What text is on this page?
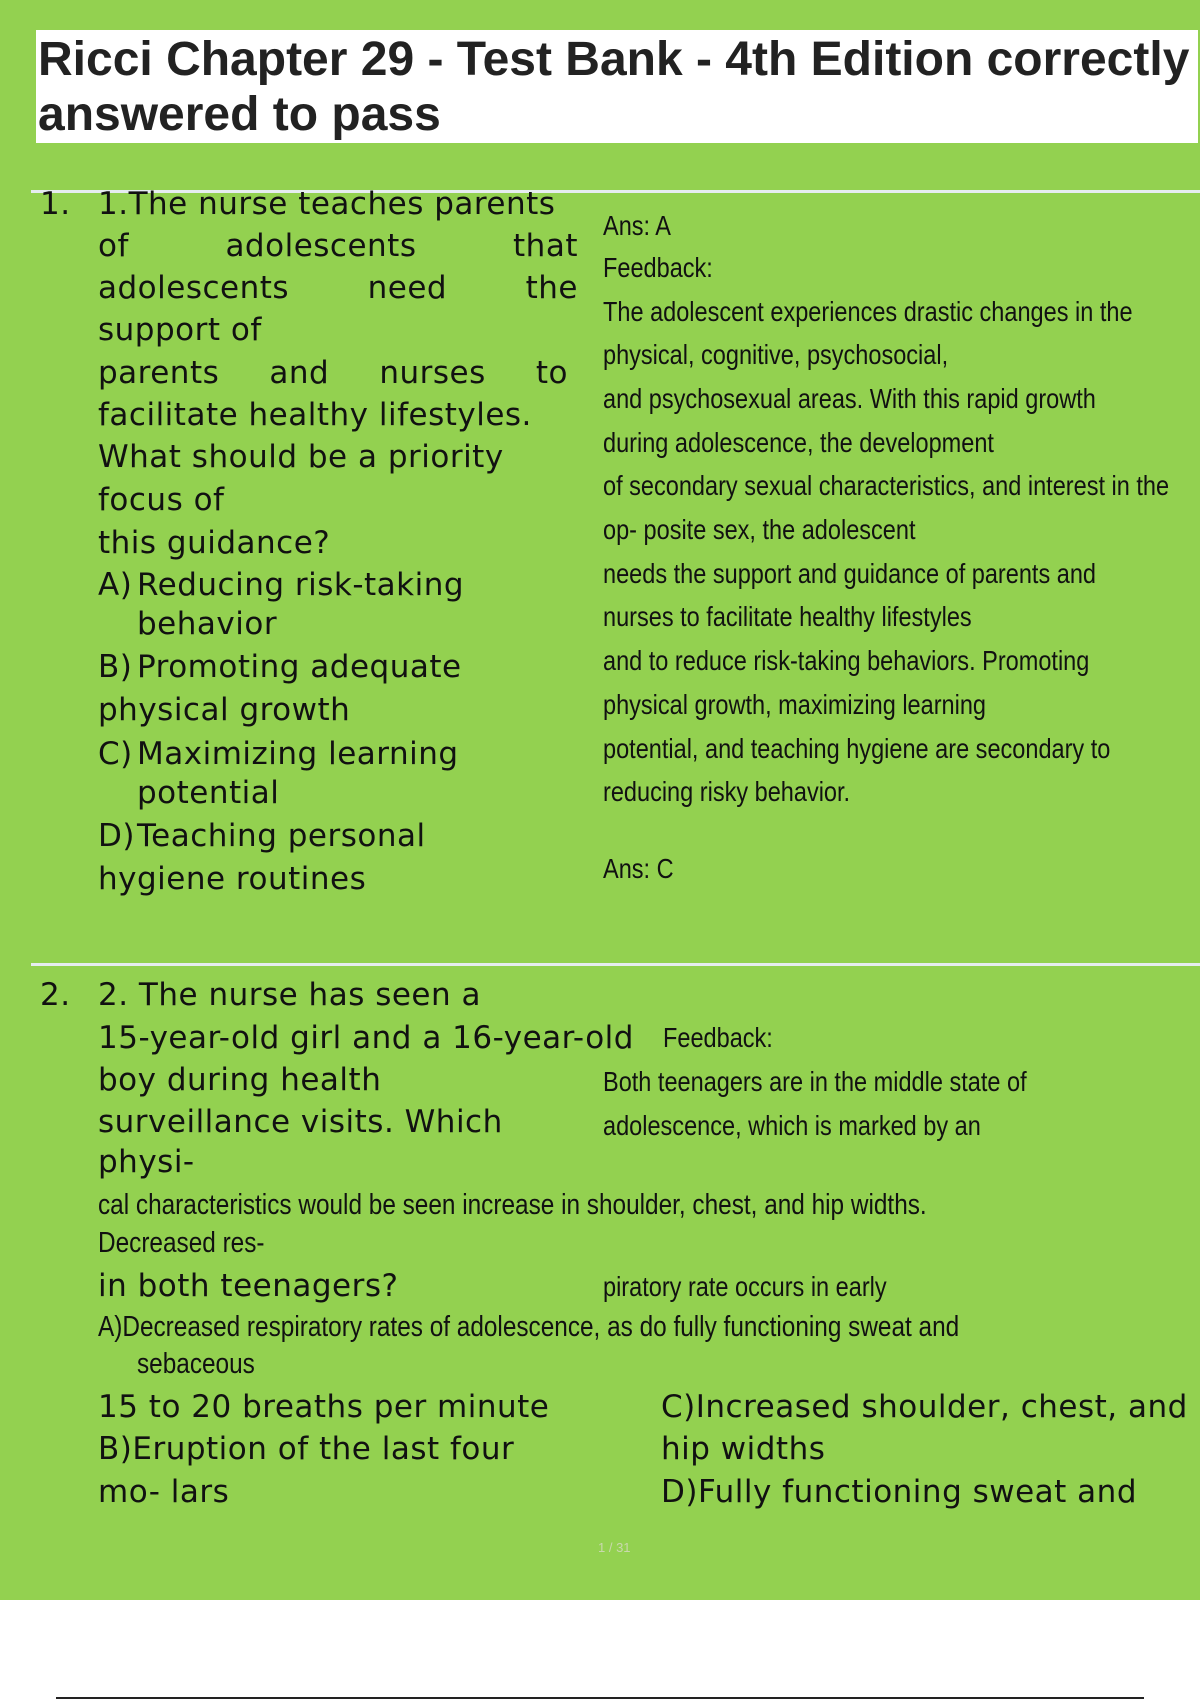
Ricci Chapter 29 - Test Bank - 4th Edition correctly answered to pass
1. 1.The nurse teaches parents
of	adolescents	that
adolescents	need	the
support of
parents and nurses to
facilitate healthy lifestyles.
What should be a priority
focus of
this guidance?
A) Reducing risk-taking
behavior
B) Promoting adequate
physical growth
C) Maximizing learning
potential
D) Teaching personal
hygiene routines
Ans: A
Feedback:
The adolescent experiences drastic changes in the
physical, cognitive, psychosocial,
and psychosexual areas. With this rapid growth
during adolescence, the development
of secondary sexual characteristics, and interest in the
op- posite sex, the adolescent
needs the support and guidance of parents and
nurses to facilitate healthy lifestyles
and to reduce risk-taking behaviors. Promoting
physical growth, maximizing learning
potential, and teaching hygiene are secondary to
reducing risky behavior.
Ans: C
2. 2. The nurse has seen a
15-year-old girl and a 16-year-old
boy during health
surveillance visits. Which
physi-
Feedback:
Both teenagers are in the middle state of
adolescence, which is marked by an
cal characteristics would be seen increase in shoulder, chest, and hip widths.
Decreased res-
in both teenagers?	piratory rate occurs in early
A)Decreased respiratory rates of adolescence, as do fully functioning sweat and
sebaceous
15 to 20 breaths per minute
B)Eruption of the last four
mo- lars
C)Increased shoulder, chest, and
hip widths
D)Fully functioning sweat and
1 / 31
